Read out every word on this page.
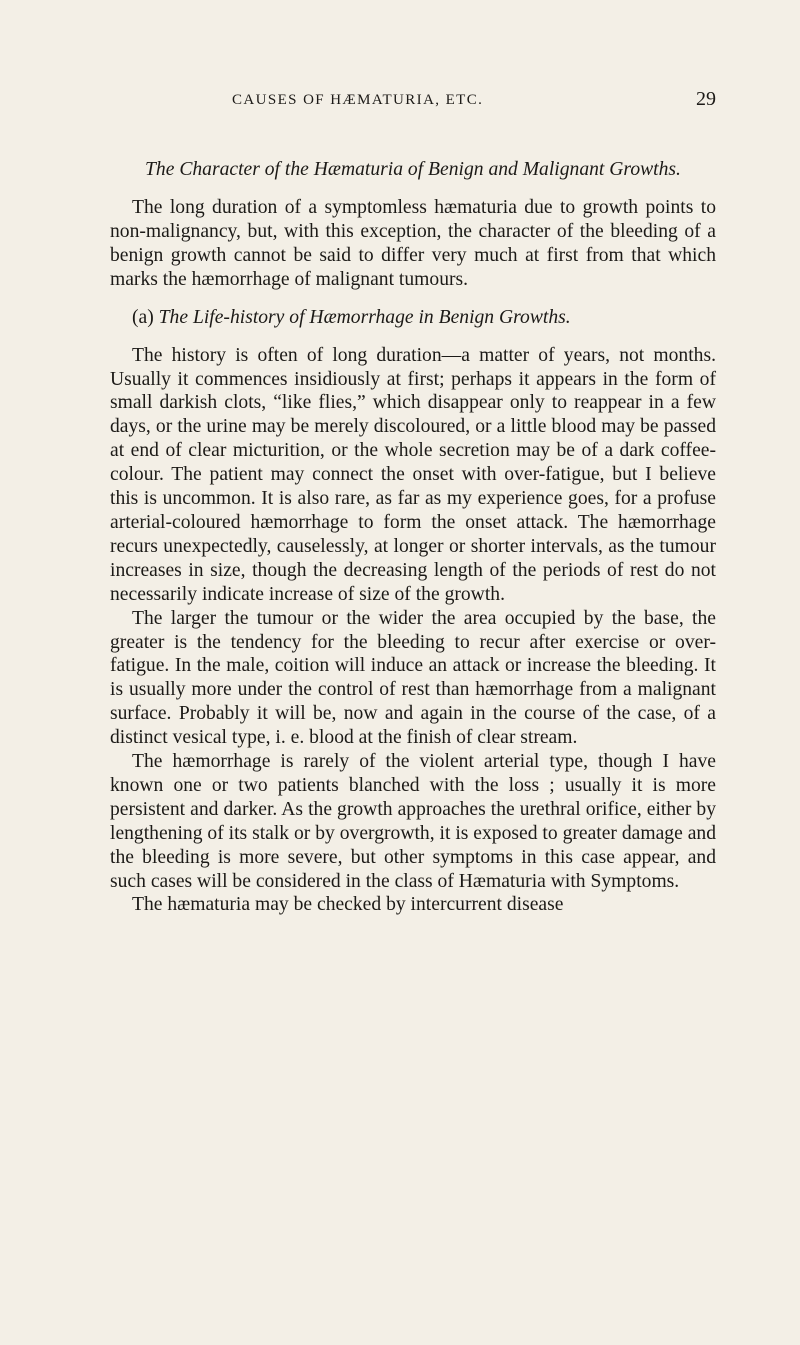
CAUSES OF HÆMATURIA, ETC.	29
The Character of the Hæmaturia of Benign and Malignant Growths.

The long duration of a symptomless hæmaturia due to growth points to non-malignancy, but, with this exception, the character of the bleeding of a benign growth cannot be said to differ very much at first from that which marks the hæmorrhage of malignant tumours.

(a) The Life-history of Hæmorrhage in Benign Growths.

The history is often of long duration—a matter of years, not months. Usually it commences insidiously at first; perhaps it appears in the form of small darkish clots, “like flies,” which disappear only to reappear in a few days, or the urine may be merely discoloured, or a little blood may be passed at end of clear micturition, or the whole secretion may be of a dark coffee-colour. The patient may connect the onset with over-fatigue, but I believe this is uncommon. It is also rare, as far as my experience goes, for a profuse arterial-coloured hæmorrhage to form the onset attack. The hæmorrhage recurs unexpectedly, causelessly, at longer or shorter intervals, as the tumour increases in size, though the decreasing length of the periods of rest do not necessarily indicate increase of size of the growth.

The larger the tumour or the wider the area occupied by the base, the greater is the tendency for the bleeding to recur after exercise or over-fatigue. In the male, coition will induce an attack or increase the bleeding. It is usually more under the control of rest than hæmorrhage from a malignant surface. Probably it will be, now and again in the course of the case, of a distinct vesical type, i. e. blood at the finish of clear stream.

The hæmorrhage is rarely of the violent arterial type, though I have known one or two patients blanched with the loss ; usually it is more persistent and darker. As the growth approaches the urethral orifice, either by lengthening of its stalk or by overgrowth, it is exposed to greater damage and the bleeding is more severe, but other symptoms in this case appear, and such cases will be considered in the class of Hæmaturia with Symptoms.

The hæmaturia may be checked by intercurrent disease
